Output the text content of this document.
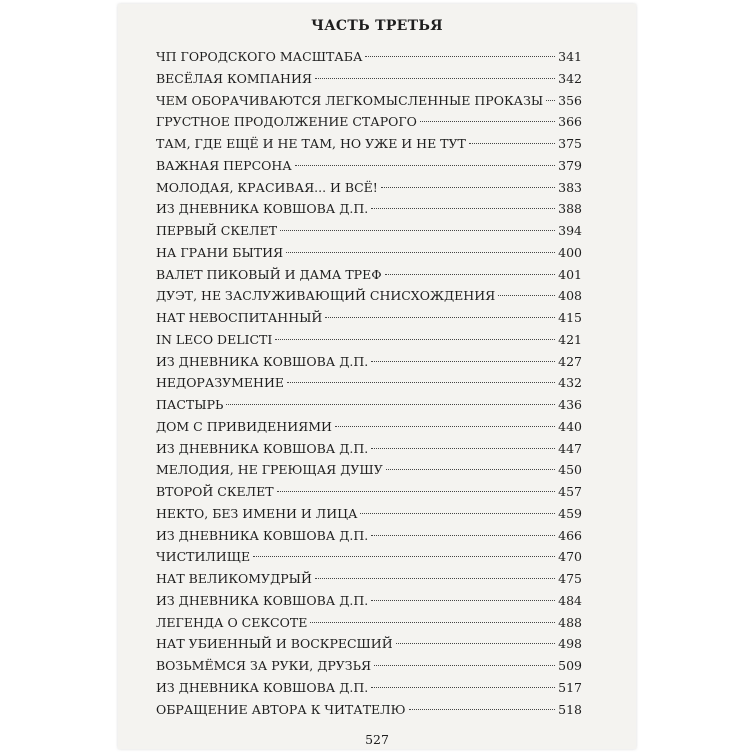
ЧАСТЬ ТРЕТЬЯ
ЧП ГОРОДСКОГО МАСШТАБА	341
ВЕСЁЛАЯ КОМПАНИЯ	342
ЧЕМ ОБОРАЧИВАЮТСЯ ЛЕГКОМЫСЛЕННЫЕ ПРОКАЗЫ 356
ГРУСТНОЕ ПРОДОЛЖЕНИЕ СТАРОГО	366
ТАМ, ГДЕ ЕЩЁ И НЕ ТАМ, НО УЖЕ И НЕ ТУТ	375
ВАЖНАЯ ПЕРСОНА	379
МОЛОДАЯ, КРАСИВАЯ... И ВСЁ!	383
ИЗ ДНЕВНИКА КОВШОВА Д.П.	388
ПЕРВЫЙ СКЕЛЕТ	394
НА ГРАНИ БЫТИЯ	400
ВАЛЕТ ПИКОВЫЙ И ДАМА ТРЕФ	401
ДУЭТ, НЕ ЗАСЛУЖИВАЮЩИЙ СНИСХОЖДЕНИЯ	408
НАТ НЕВОСПИТАННЫЙ	415
IN LECO DELICTI	421
ИЗ ДНЕВНИКА КОВШОВА Д.П.	427
НЕДОРАЗУМЕНИЕ	432
ПАСТЫРЬ	436
ДОМ С ПРИВИДЕНИЯМИ	440
ИЗ ДНЕВНИКА КОВШОВА Д.П.	447
МЕЛОДИЯ, НЕ ГРЕЮЩАЯ ДУШУ	450
ВТОРОЙ СКЕЛЕТ	457
НЕКТО, БЕЗ ИМЕНИ И ЛИЦА	459
ИЗ ДНЕВНИКА КОВШОВА Д.П.	466
ЧИСТИЛИЩЕ	470
НАТ ВЕЛИКОМУДРЫЙ	475
ИЗ ДНЕВНИКА КОВШОВА Д.П.	484
ЛЕГЕНДА О СЕКСОТЕ	488
НАТ УБИЕННЫЙ И ВОСКРЕСШИЙ	498
ВОЗЬМЁМСЯ ЗА РУКИ, ДРУЗЬЯ	509
ИЗ ДНЕВНИКА КОВШОВА Д.П.	517
ОБРАЩЕНИЕ АВТОРА К ЧИТАТЕЛЮ	518
527
